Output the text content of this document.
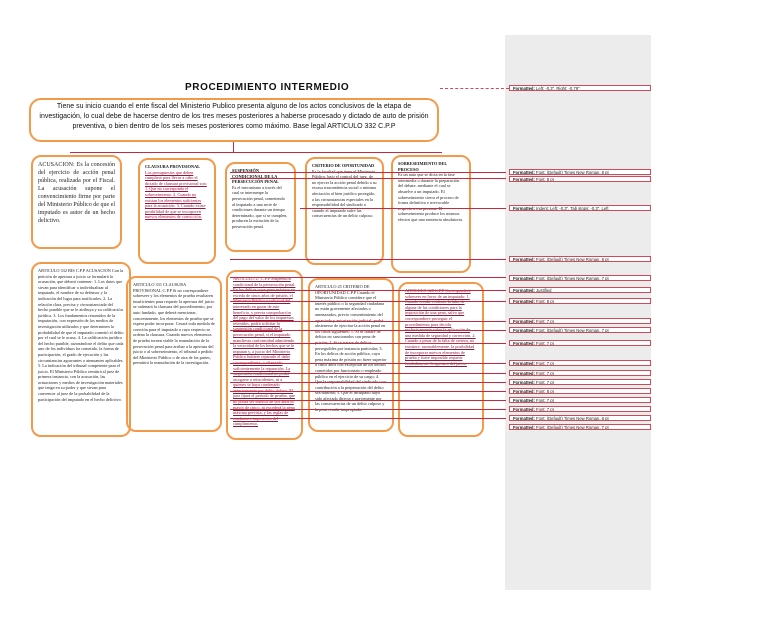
PROCEDIMIENTO INTERMEDIO
Tiene su inicio cuando el ente fiscal del Ministerio Publico presenta alguno de los actos conclusivos de la etapa de investigación, lo cual debe de hacerse dentro de los tres meses posteriores a haberse procesado y dictado de auto de prisión preventiva, o bien dentro de los seis meses posteriores como máximo. Base legal ARTICULO 332 C.P.P
ACUSACION: Es la concesión del ejercicio de acción penal pública, realizada por el Fiscal. La acusación supone el convencimiento firme por parte del Ministerio Público de que el imputado es autor de un hecho delictivo.
CLAUSURA PROVISIONAL
Los presupuestos que deben cumplirse para llevar a cabo el dictado de clausura provisional son: 1. Que no corresponda el sobreseimiento. 2. Cuando no existan los elementos suficientes para la acusación. 3. Cuando existe posibilidad de que se incorporen nuevos elementos de convicción.
SUSPENSIÓN CONDICIONAL DE LA PERSECUCIÓN PENAL
Es el mecanismo a través del cual se interrumpe la persecución penal, sometiendo al imputado a una serie de condiciones durante un tiempo determinado, que si se cumplen, producen la extinción de la persecución penal.
CRITERIO DE OPORTUNIDAD
Es la facultad que tiene el Ministerio Público, bajo el control del juez, de no ejercer la acción penal debido a su escasa trascendencia social o mínima afectación al bien jurídico protegido, a las circunstancias especiales en la responsabilidad del sindicado o cuando el imputado sufre las consecuencias de un delito culposo.
SOBRESEIMIENTO DEL PROCESO
Es un auto que se dicta en la fase intermedia o durante la preparación del debate, mediante el cual se absuelve a un imputado. El sobreseimiento cierra el proceso de forma definitiva e irrevocable respecto a esa persona. El sobreseimiento produce los mismos efectos que una sentencia absolutoria.
ARTICULO 332 BIS C.P.P ACUSACION Con la petición de apertura a juicio se formulará la acusación, que deberá contener: 1. Los datos que sirvan para identificar o individualizar al imputado, el nombre de su defensor y la indicación del lugar para notificarles. 2. La relación clara, precisa y circunstanciada del hecho punible que se le atribuya y su calificación jurídica. 3. Los fundamentos resumidos de la imputación, con expresión de los medios de investigación utilizados y que determinen la probabilidad de que el imputado cometió el delito por el cual se le acusa. 4. La calificación jurídica del hecho punible, razonándose el delito que cada uno de los individuos ha cometido, la forma de participación, el grado de ejecución y las circunstancias agravantes o atenuantes aplicables. 5. La indicación del tribunal competente para el juicio. El Ministerio Público remitirá al juez de primera instancia, con la acusación, las actuaciones y medios de investigación materiales que tenga en su poder y que sirvan para convencer al juez de la probabilidad de la participación del imputado en el hecho delictivo.
ARTICULO 331 CLAUSURA PROVISIONAL C.P.P Si no correspondiere sobreseer y los elementos de prueba resultaren insuficientes para requerir la apertura del juicio se ordenará la clausura del procedimiento, por auto fundado, que deberá mencionar, concretamente, los elementos de prueba que se espera poder incorporar. Cesará toda medida de coerción para el imputado a cuyo respecto se ordena la clausura. Cuando nuevos elementos de prueba tornen viable la reanudación de la persecución penal para arribar a la apertura del juicio o al sobreseimiento, el tribunal a pedido del Ministerio Público o de otra de las partes, permitirá la reanudación de la investigación.
ARTICULO 27 C.P.P Suspensión condicional de la persecución penal. En los delitos cuya pena máxima no exceda de cinco años de prisión, el Ministerio Público a solicitud del interesado en gozar de este beneficio, y previa comprobación del pago del valor de los impuestos retenidos, podrá solicitar la suspensión condicional de la persecución penal, si el imputado manifiesta conformidad admitiendo la veracidad de los hechos que se le imputan y, a juicio del Ministerio Público hubiere reparado el daño correspondiente, o afianzado suficientemente la reparación. La suspensión condicional no podrá otorgarse a reincidentes, ni a quienes se haya condenado anteriormente por delito doloso. El juez fijará el período de prueba, que no podrá ser inferior de dos años ni mayor de cinco, ni excederá la pena máxima prevista, y las reglas de conducta e imposición del cumplimiento.
ARTICULO 25 CRITERIO DE OPORTUNIDAD C.P.P Cuando el Ministerio Público considere que el interés público o la seguridad ciudadana no están gravemente afectados o amenazados, previo consentimiento del agraviado y autorización judicial, podrá abstenerse de ejercitar la acción penal en los casos siguientes: 1. Si se tratare de delitos no sancionados con pena de prisión; 2. Si se tratare de delitos perseguibles por instancia particular; 3. En los delitos de acción pública, cuya pena máxima de prisión no fuere superior a cinco años con excepción de los delitos cometidos por funcionario o empleado público en el ejercicio de su cargo; 4. Que la responsabilidad del sindicado o su contribución a la perpetración del delito sea mínima; 5. Que el inculpado haya sido afectado directa y gravemente por las consecuencias de un delito culposo y la pena resulte inapropiada.
ARTICULO 328 C.P.P Corresponderá sobreseer en favor de un imputado: 1. Cuando resulte evidente la falta de alguna de las condiciones para la imposición de una pena, salvo que correspondiere proseguir el procedimiento para decidir exclusivamente sobre la aplicación de una medida de seguridad y corrección. 2. Cuando a pesar de la falta de certeza, no existiere, razonablemente, la posibilidad de incorporar nuevos elementos de prueba y fuere imposible requerir fundadamente la apertura del juicio.
Formatted: Left: -0.3", Right: -0.79"
Formatted: Font: (Default) Times New Roman, 8 pt
Formatted: Font: 8 pt
Formatted: Indent: Left: -0.3", Tab stops: -0.3", Left
Formatted: Font: (Default) Times New Roman, 8 pt
Formatted: Font: (Default) Times New Roman, 7 pt
Formatted: Justified
Formatted: Font: 8 pt
Formatted: Font: 7 pt
Formatted: Font: (Default) Times New Roman, 7 pt
Formatted: Font: 7 pt
Formatted: Font: 7 pt
Formatted: Font: 7 pt
Formatted: Font: 7 pt
Formatted: Font: 8 pt
Formatted: Font: 7 pt
Formatted: Font: 7 pt
Formatted: Font: (Default) Times New Roman, 8 pt
Formatted: Font: (Default) Times New Roman, 7 pt
